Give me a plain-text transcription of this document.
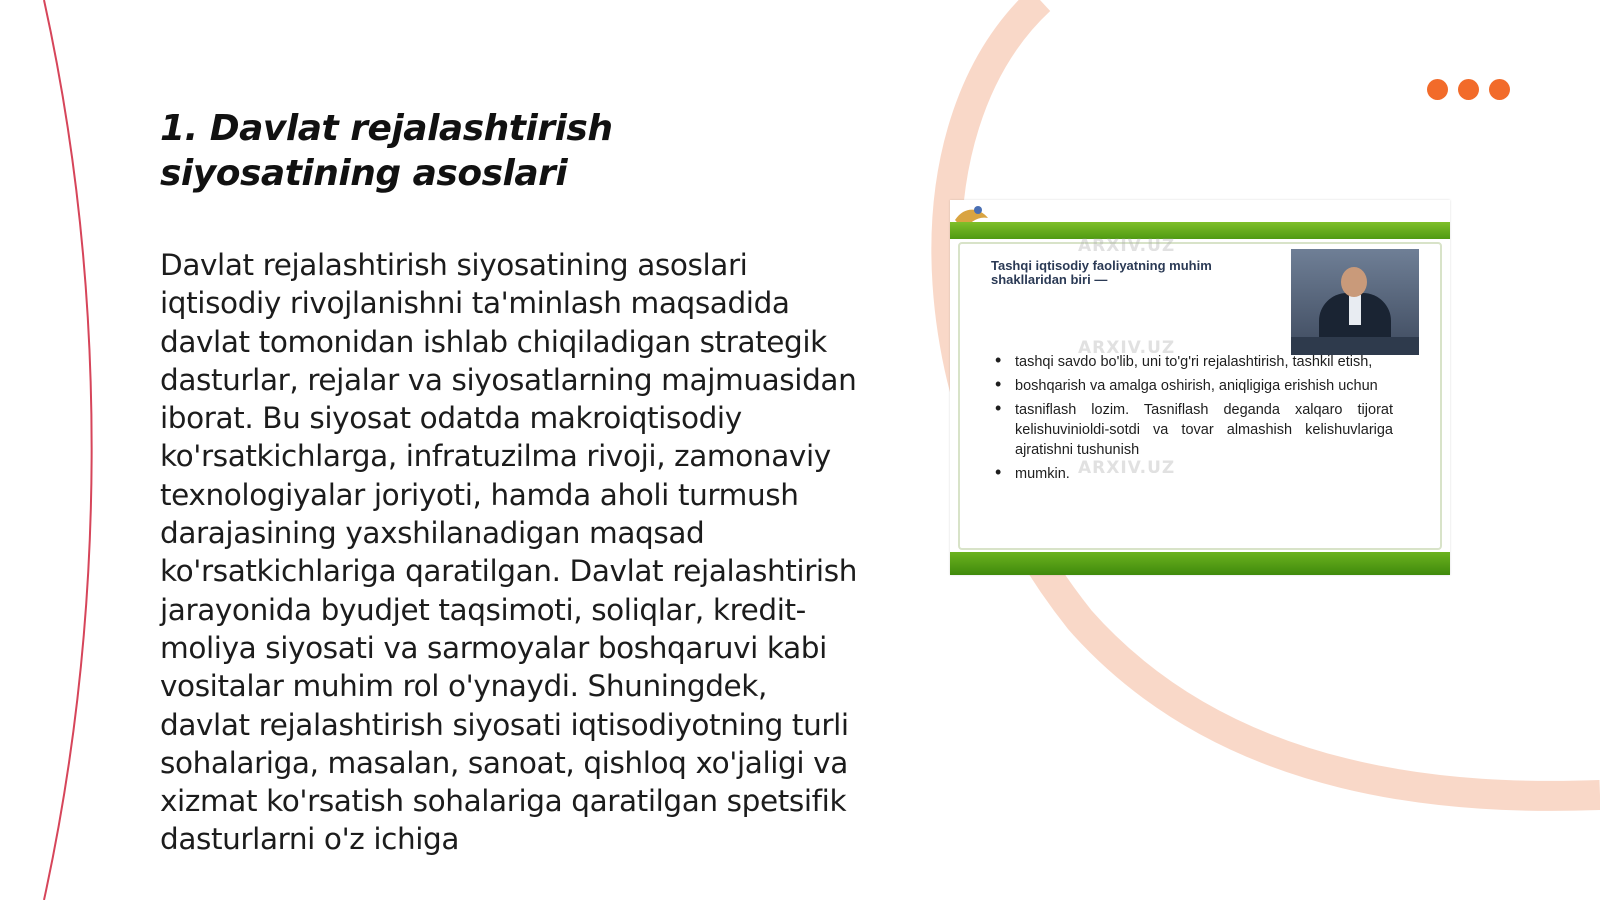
1. Davlat rejalashtirish siyosatining asoslari

Davlat rejalashtirish siyosatining asoslari iqtisodiy rivojlanishni ta'minlash maqsadida davlat tomonidan ishlab chiqiladigan strategik dasturlar, rejalar va siyosatlarning majmuasidan iborat. Bu siyosat odatda makroiqtisodiy ko'rsatkichlarga, infratuzilma rivoji, zamonaviy texnologiyalar joriyoti, hamda aholi turmush darajasining yaxshilanadigan maqsad ko'rsatkichlariga qaratilgan. Davlat rejalashtirish jarayonida byudjet taqsimoti, soliqlar, kredit-moliya siyosati va sarmoyalar boshqaruvi kabi vositalar muhim rol o'ynaydi. Shuningdek, davlat rejalashtirish siyosati iqtisodiyotning turli sohalariga, masalan, sanoat, qishloq xo'jaligi va xizmat ko'rsatish sohalariga qaratilgan spetsifik dasturlarni o'z ichiga

ARXIV.UZ
ARXIV.UZ
ARXIV.UZ

Tashqi iqtisodiy faoliyatning muhim shakllaridan biri —

• tashqi savdo bo'lib, uni to'g'ri rejalashtirish, tashkil etish,
• boshqarish va amalga oshirish, aniqligiga erishish uchun
• tasniflash lozim. Tasniflash deganda xalqaro tijorat kelishuvinioldi-sotdi va tovar almashish kelishuvlariga ajratishni tushunish
• mumkin.
